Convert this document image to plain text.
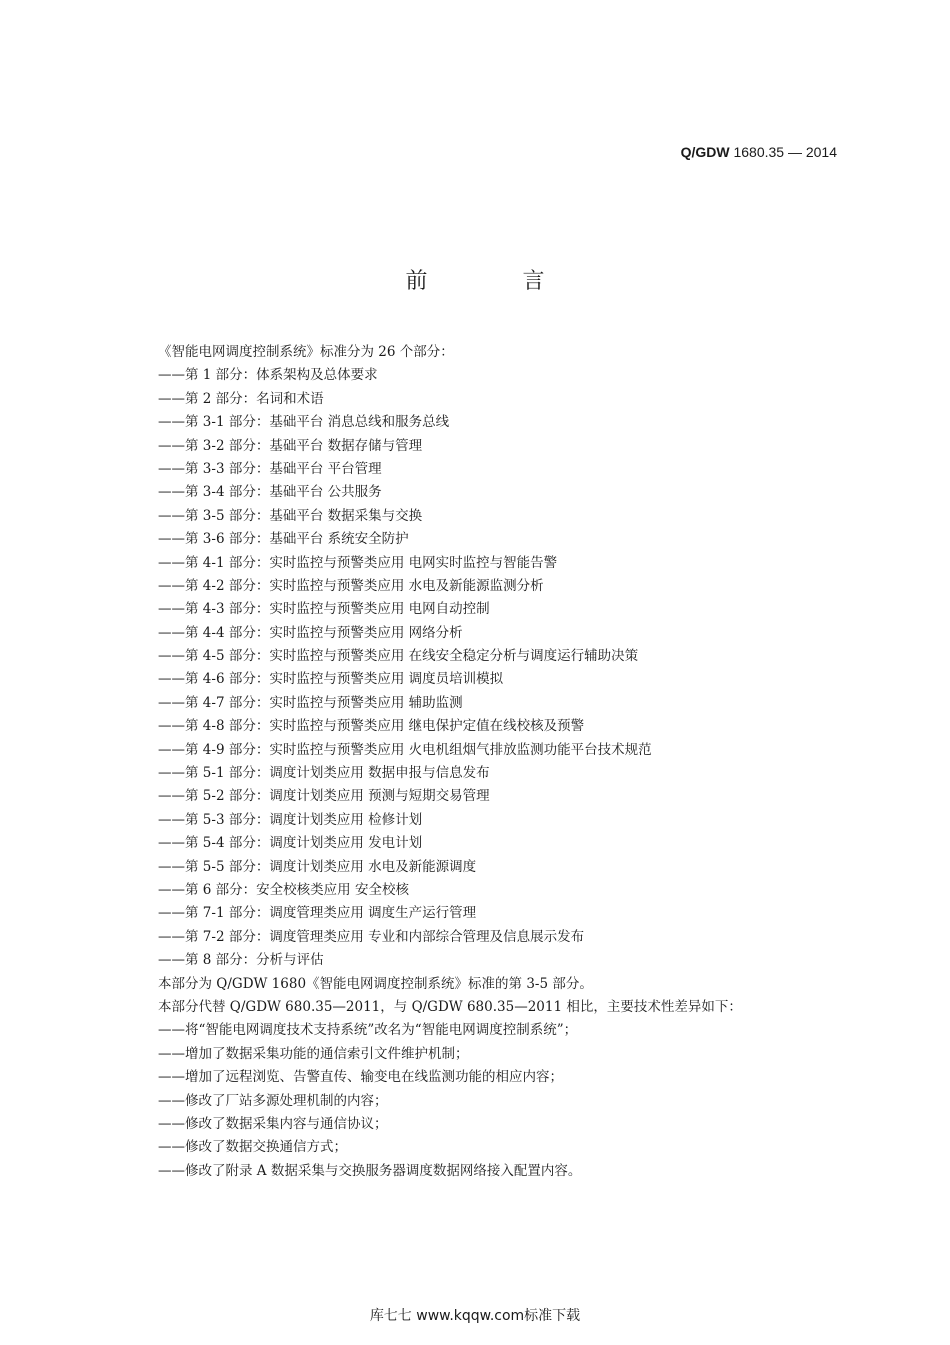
Q/GDW 1680.35 — 2014
前 言
《智能电网调度控制系统》标准分为 26 个部分：
——第 1 部分：体系架构及总体要求
——第 2 部分：名词和术语
——第 3-1 部分：基础平台 消息总线和服务总线
——第 3-2 部分：基础平台 数据存储与管理
——第 3-3 部分：基础平台 平台管理
——第 3-4 部分：基础平台 公共服务
——第 3-5 部分：基础平台 数据采集与交换
——第 3-6 部分：基础平台 系统安全防护
——第 4-1 部分：实时监控与预警类应用 电网实时监控与智能告警
——第 4-2 部分：实时监控与预警类应用 水电及新能源监测分析
——第 4-3 部分：实时监控与预警类应用 电网自动控制
——第 4-4 部分：实时监控与预警类应用 网络分析
——第 4-5 部分：实时监控与预警类应用 在线安全稳定分析与调度运行辅助决策
——第 4-6 部分：实时监控与预警类应用 调度员培训模拟
——第 4-7 部分：实时监控与预警类应用 辅助监测
——第 4-8 部分：实时监控与预警类应用 继电保护定值在线校核及预警
——第 4-9 部分：实时监控与预警类应用 火电机组烟气排放监测功能平台技术规范
——第 5-1 部分：调度计划类应用 数据申报与信息发布
——第 5-2 部分：调度计划类应用 预测与短期交易管理
——第 5-3 部分：调度计划类应用 检修计划
——第 5-4 部分：调度计划类应用 发电计划
——第 5-5 部分：调度计划类应用 水电及新能源调度
——第 6 部分：安全校核类应用 安全校核
——第 7-1 部分：调度管理类应用 调度生产运行管理
——第 7-2 部分：调度管理类应用 专业和内部综合管理及信息展示发布
——第 8 部分：分析与评估
本部分为 Q/GDW 1680《智能电网调度控制系统》标准的第 3-5 部分。
本部分代替 Q/GDW 680.35—2011，与 Q/GDW 680.35—2011 相比，主要技术性差异如下：
——将“智能电网调度技术支持系统”改名为“智能电网调度控制系统”；
——增加了数据采集功能的通信索引文件维护机制；
——增加了远程浏览、告警直传、输变电在线监测功能的相应内容；
——修改了厂站多源处理机制的内容；
——修改了数据采集内容与通信协议；
——修改了数据交换通信方式；
——修改了附录 A 数据采集与交换服务器调度数据网络接入配置内容。
库七七 www.kqqw.com标准下载
